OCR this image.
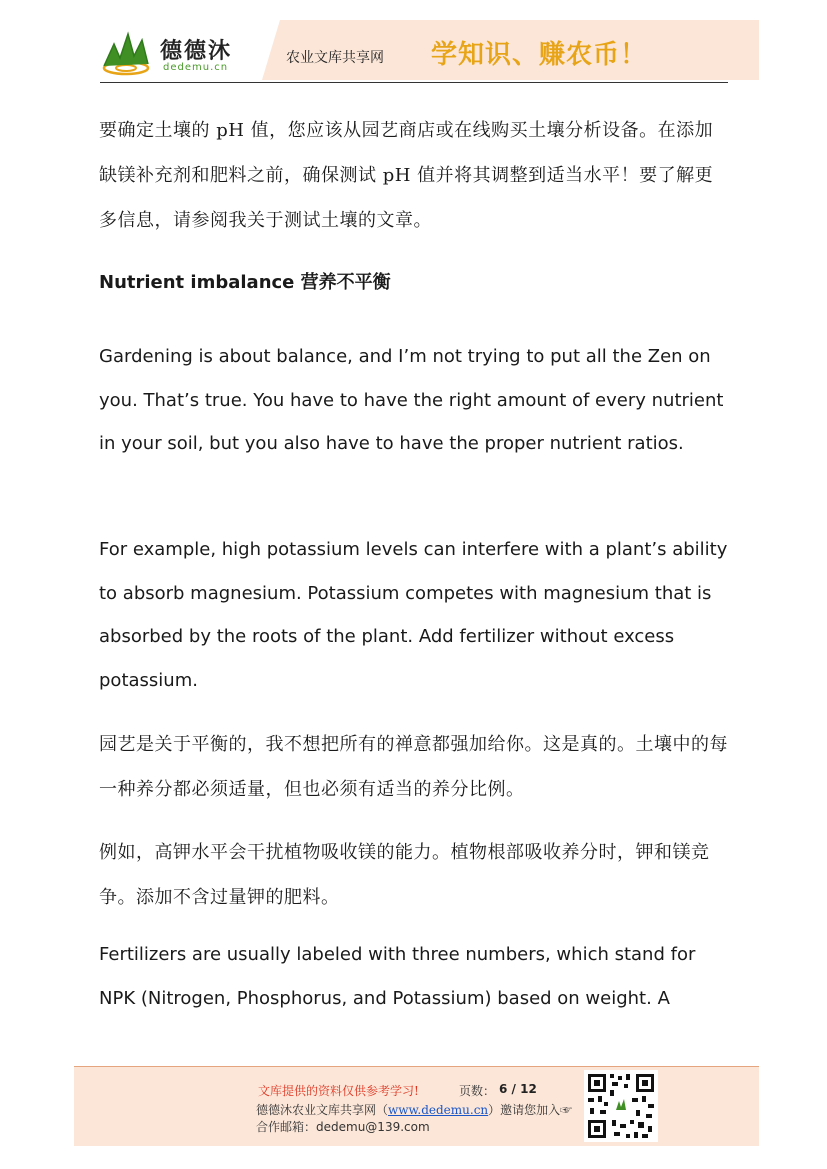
德德沐
dedemu.cn
农业文库共享网 学知识、赚农币！

要确定土壤的 pH 值，您应该从园艺商店或在线购买土壤分析设备。在添加缺镁补充剂和肥料之前，确保测试 pH 值并将其调整到适当水平！要了解更多信息，请参阅我关于测试土壤的文章。

Nutrient imbalance 营养不平衡

Gardening is about balance, and I’m not trying to put all the Zen on you. That’s true. You have to have the right amount of every nutrient in your soil, but you also have to have the proper nutrient ratios.

For example, high potassium levels can interfere with a plant’s ability to absorb magnesium. Potassium competes with magnesium that is absorbed by the roots of the plant. Add fertilizer without excess potassium.

园艺是关于平衡的，我不想把所有的禅意都强加给你。这是真的。土壤中的每一种养分都必须适量，但也必须有适当的养分比例。

例如，高钾水平会干扰植物吸收镁的能力。植物根部吸收养分时，钾和镁竞争。添加不含过量钾的肥料。

Fertilizers are usually labeled with three numbers, which stand for NPK (Nitrogen, Phosphorus, and Potassium) based on weight. A

文库提供的资料仅供参考学习!	页数： 6 / 12
德德沐农业文库共享网（www.dedemu.cn）邀请您加入☞
合作邮箱：dedemu@139.com
